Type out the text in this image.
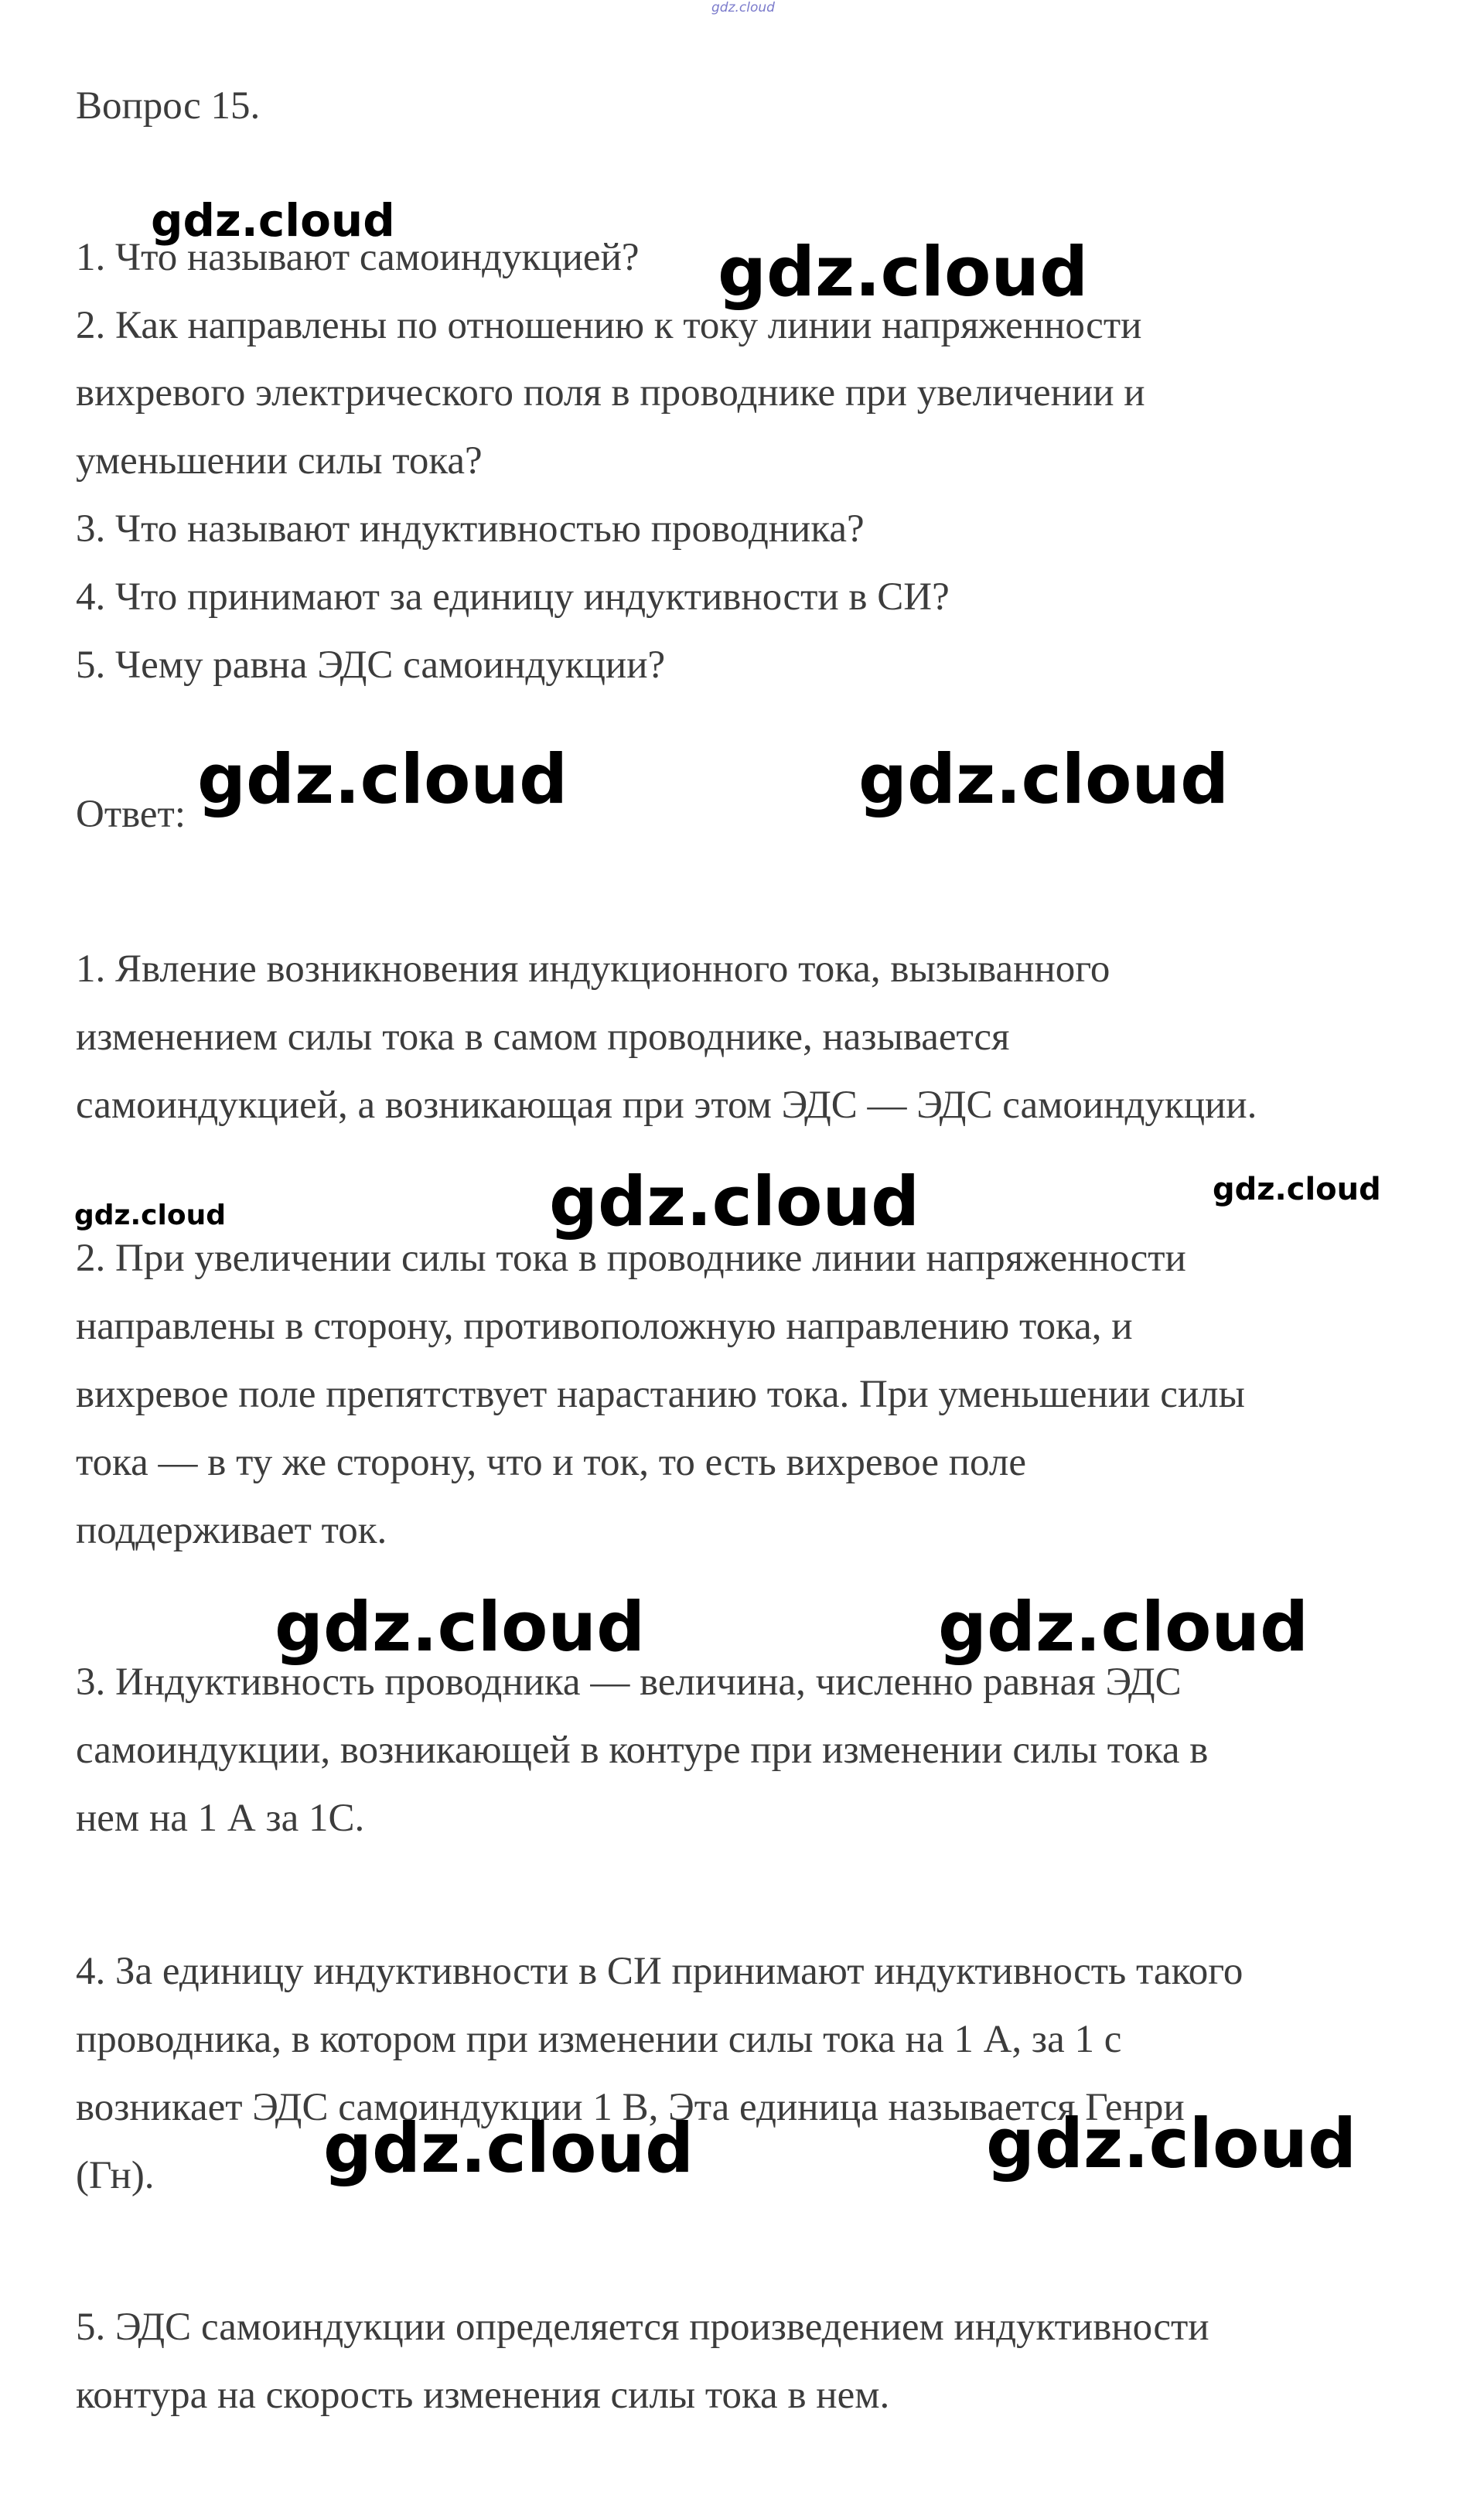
gdz.cloud
Вопрос 15.
1. Что называют самоиндукцией?
2. Как направлены по отношению к току линии напряженности
вихревого электрического поля в проводнике при увеличении и
уменьшении силы тока?
3. Что называют индуктивностью проводника?
4. Что принимают за единицу индуктивности в СИ?
5. Чему равна ЭДС самоиндукции?
Ответ:
1. Явление возникновения индукционного тока, вызыванного
изменением силы тока в самом проводнике, называется
самоиндукцией, а возникающая при этом ЭДС — ЭДС самоиндукции.
2. При увеличении силы тока в проводнике линии напряженности
направлены в сторону, противоположную направлению тока, и
вихревое поле препятствует нарастанию тока. При уменьшении силы
тока — в ту же сторону, что и ток, то есть вихревое поле
поддерживает ток.
3. Индуктивность проводника — величина, численно равная ЭДС
самоиндукции, возникающей в контуре при изменении силы тока в
нем на 1 А за 1С.
4. За единицу индуктивности в СИ принимают индуктивность такого
проводника, в котором при изменении силы тока на 1 А, за 1 с
возникает ЭДС самоиндукции 1 В, Эта единица называется Генри
(Гн).
5. ЭДС самоиндукции определяется произведением индуктивности
контура на скорость изменения силы тока в нем.
gdz.cloud
gdz.cloud
gdz.cloud	gdz.cloud
gdz.cloud	gdz.cloud	gdz.cloud
gdz.cloud	gdz.cloud
gdz.cloud	gdz.cloud
